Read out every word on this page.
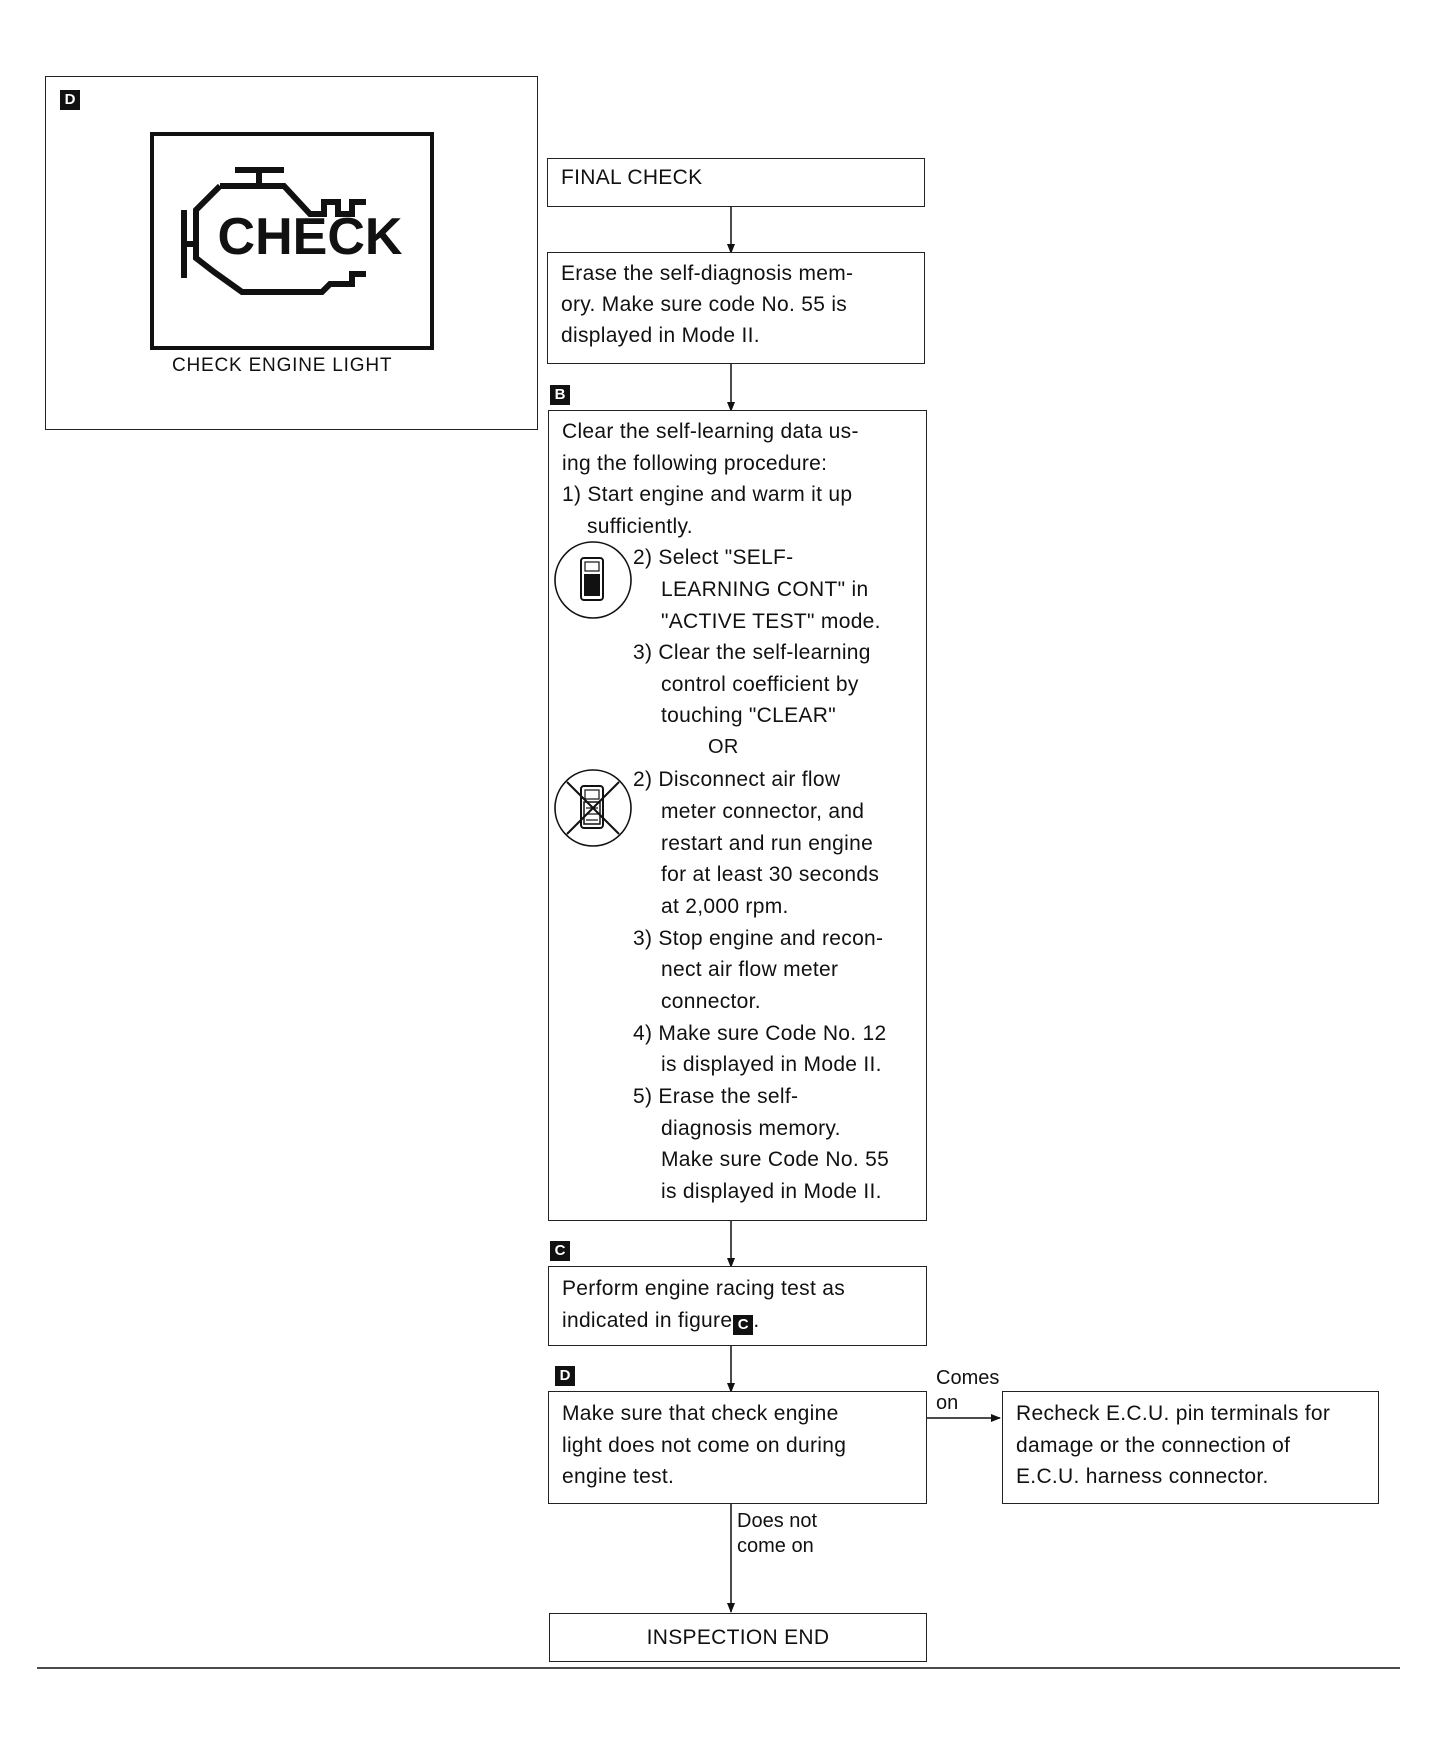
D
CHECK
CHECK ENGINE LIGHT
FINAL CHECK
Erase the self-diagnosis mem-
ory. Make sure code No. 55 is
displayed in Mode II.
B
Clear the self-learning data us-
ing the following procedure:
1) Start engine and warm it up
sufficiently.
2) Select "SELF-
LEARNING CONT" in
"ACTIVE TEST" mode.
3) Clear the self-learning
control coefficient by
touching "CLEAR"
OR
2) Disconnect air flow
meter connector, and
restart and run engine
for at least 30 seconds
at 2,000 rpm.
3) Stop engine and recon-
nect air flow meter
connector.
4) Make sure Code No. 12
is displayed in Mode II.
5) Erase the self-
diagnosis memory.
Make sure Code No. 55
is displayed in Mode II.
C
Perform engine racing test as
indicated in figure C .
D
Make sure that check engine
light does not come on during
engine test.
Comes
on	Recheck E.C.U. pin terminals for
damage or the connection of
E.C.U. harness connector.
Does not
come on
INSPECTION END
